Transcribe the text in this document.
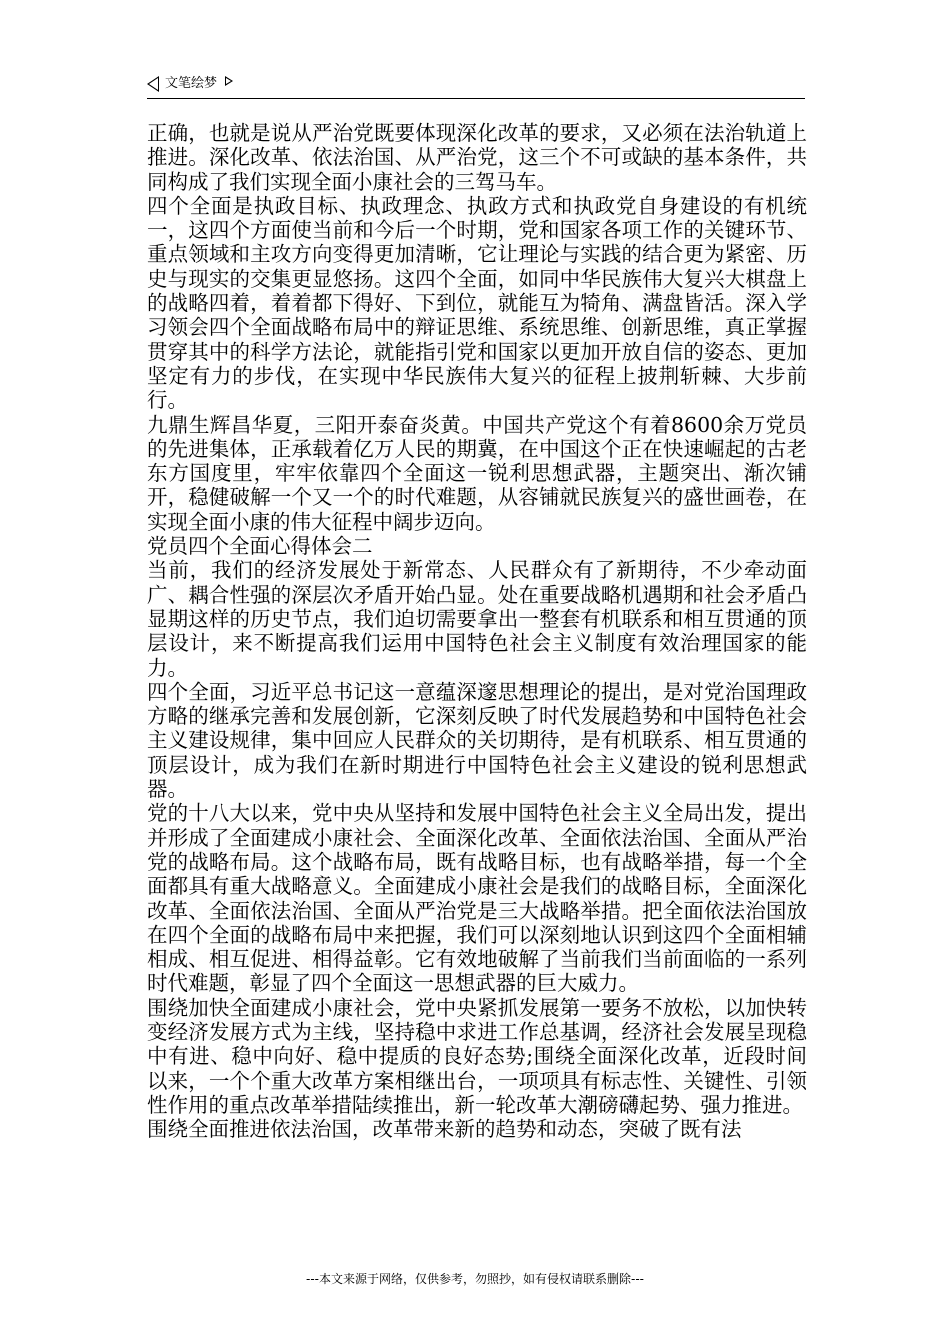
文笔绘梦

正确，也就是说从严治党既要体现深化改革的要求，又必须在法治轨道上推进。深化改革、依法治国、从严治党，这三个不可或缺的基本条件，共同构成了我们实现全面小康社会的三驾马车。

四个全面是执政目标、执政理念、执政方式和执政党自身建设的有机统一，这四个方面使当前和今后一个时期，党和国家各项工作的关键环节、重点领域和主攻方向变得更加清晰，它让理论与实践的结合更为紧密、历史与现实的交集更显悠扬。这四个全面，如同中华民族伟大复兴大棋盘上的战略四着，着着都下得好、下到位，就能互为犄角、满盘皆活。深入学习领会四个全面战略布局中的辩证思维、系统思维、创新思维，真正掌握贯穿其中的科学方法论，就能指引党和国家以更加开放自信的姿态、更加坚定有力的步伐，在实现中华民族伟大复兴的征程上披荆斩棘、大步前行。

九鼎生辉昌华夏，三阳开泰奋炎黄。中国共产党这个有着8600余万党员的先进集体，正承载着亿万人民的期冀，在中国这个正在快速崛起的古老东方国度里，牢牢依靠四个全面这一锐利思想武器，主题突出、渐次铺开，稳健破解一个又一个的时代难题，从容铺就民族复兴的盛世画卷，在实现全面小康的伟大征程中阔步迈向。

党员四个全面心得体会二

当前，我们的经济发展处于新常态、人民群众有了新期待，不少牵动面广、耦合性强的深层次矛盾开始凸显。处在重要战略机遇期和社会矛盾凸显期这样的历史节点，我们迫切需要拿出一整套有机联系和相互贯通的顶层设计，来不断提高我们运用中国特色社会主义制度有效治理国家的能力。

四个全面，习近平总书记这一意蕴深邃思想理论的提出，是对党治国理政方略的继承完善和发展创新，它深刻反映了时代发展趋势和中国特色社会主义建设规律，集中回应人民群众的关切期待，是有机联系、相互贯通的顶层设计，成为我们在新时期进行中国特色社会主义建设的锐利思想武器。

党的十八大以来，党中央从坚持和发展中国特色社会主义全局出发，提出并形成了全面建成小康社会、全面深化改革、全面依法治国、全面从严治党的战略布局。这个战略布局，既有战略目标，也有战略举措，每一个全面都具有重大战略意义。全面建成小康社会是我们的战略目标，全面深化改革、全面依法治国、全面从严治党是三大战略举措。把全面依法治国放在四个全面的战略布局中来把握，我们可以深刻地认识到这四个全面相辅相成、相互促进、相得益彰。它有效地破解了当前我们当前面临的一系列时代难题，彰显了四个全面这一思想武器的巨大威力。

围绕加快全面建成小康社会，党中央紧抓发展第一要务不放松，以加快转变经济发展方式为主线，坚持稳中求进工作总基调，经济社会发展呈现稳中有进、稳中向好、稳中提质的良好态势;围绕全面深化改革，近段时间以来，一个个重大改革方案相继出台，一项项具有标志性、关键性、引领性作用的重点改革举措陆续推出，新一轮改革大潮磅礴起势、强力推进。

围绕全面推进依法治国，改革带来新的趋势和动态，突破了既有法

---本文来源于网络，仅供参考，勿照抄，如有侵权请联系删除---
